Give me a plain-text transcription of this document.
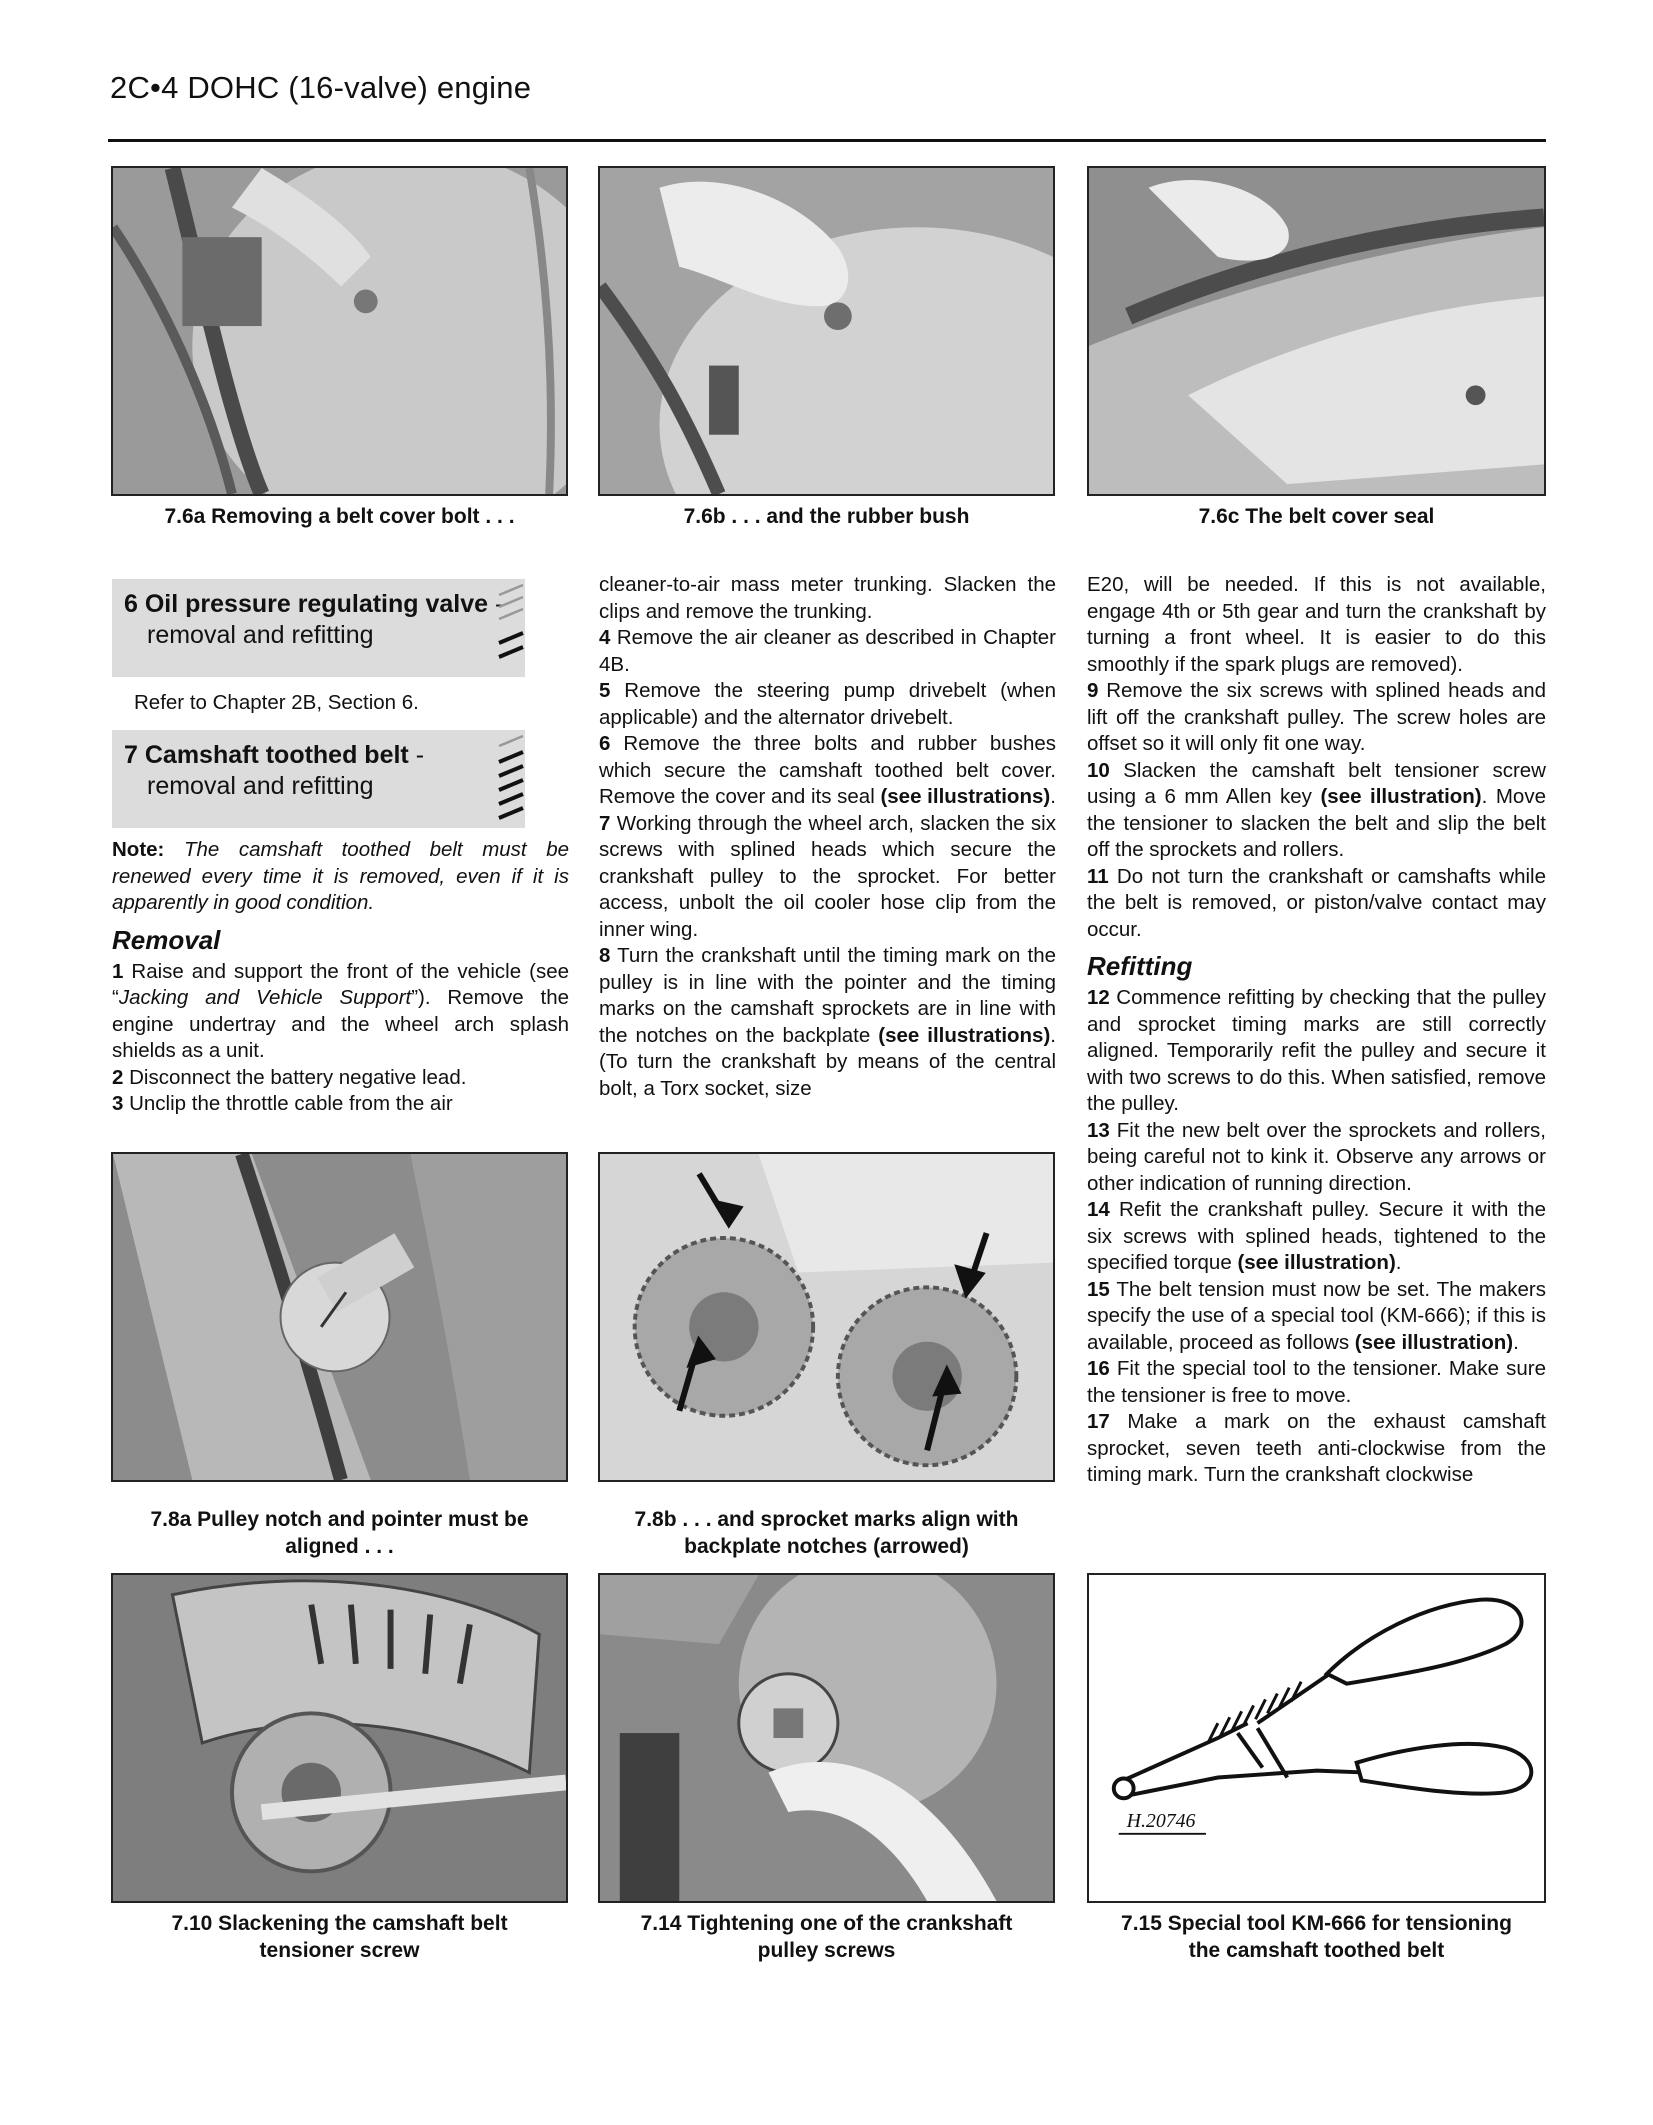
2C•4 DOHC (16-valve) engine
7.6a Removing a belt cover bolt . . .	7.6b . . . and the rubber bush	7.6c The belt cover seal
6 Oil pressure regulating valve -
removal and refitting
Refer to Chapter 2B, Section 6.
7 Camshaft toothed belt -
removal and refitting

Note: The camshaft toothed belt must be renewed every time it is removed, even if it is apparently in good condition.

Removal

1 Raise and support the front of the vehicle (see “Jacking and Vehicle Support”). Remove the engine undertray and the wheel arch splash shields as a unit.

2 Disconnect the battery negative lead.

3 Unclip the throttle cable from the air

cleaner-to-air mass meter trunking. Slacken the clips and remove the trunking.

4 Remove the air cleaner as described in Chapter 4B.

5 Remove the steering pump drivebelt (when applicable) and the alternator drivebelt.

6 Remove the three bolts and rubber bushes which secure the camshaft toothed belt cover. Remove the cover and its seal (see illustrations).

7 Working through the wheel arch, slacken the six screws with splined heads which secure the crankshaft pulley to the sprocket. For better access, unbolt the oil cooler hose clip from the inner wing.

8 Turn the crankshaft until the timing mark on the pulley is in line with the pointer and the timing marks on the camshaft sprockets are in line with the notches on the backplate (see illustrations). (To turn the crankshaft by means of the central bolt, a Torx socket, size

E20, will be needed. If this is not available, engage 4th or 5th gear and turn the crankshaft by turning a front wheel. It is easier to do this smoothly if the spark plugs are removed).

9 Remove the six screws with splined heads and lift off the crankshaft pulley. The screw holes are offset so it will only fit one way.

10 Slacken the camshaft belt tensioner screw using a 6 mm Allen key (see illustration). Move the tensioner to slacken the belt and slip the belt off the sprockets and rollers.

11 Do not turn the crankshaft or camshafts while the belt is removed, or piston/valve contact may occur.

Refitting

12 Commence refitting by checking that the pulley and sprocket timing marks are still correctly aligned. Temporarily refit the pulley and secure it with two screws to do this. When satisfied, remove the pulley.

13 Fit the new belt over the sprockets and rollers, being careful not to kink it. Observe any arrows or other indication of running direction.

14 Refit the crankshaft pulley. Secure it with the six screws with splined heads, tightened to the specified torque (see illustration).

15 The belt tension must now be set. The makers specify the use of a special tool (KM-666); if this is available, proceed as follows (see illustration).

16 Fit the special tool to the tensioner. Make sure the tensioner is free to move.

17 Make a mark on the exhaust camshaft sprocket, seven teeth anti-clockwise from the timing mark. Turn the crankshaft clockwise

7.8a Pulley notch and pointer must be
aligned . . .
7.8b . . . and sprocket marks align with
backplate notches (arrowed)
H.20746
7.10 Slackening the camshaft belt
tensioner screw
7.14 Tightening one of the crankshaft
pulley screws
7.15 Special tool KM-666 for tensioning
the camshaft toothed belt
